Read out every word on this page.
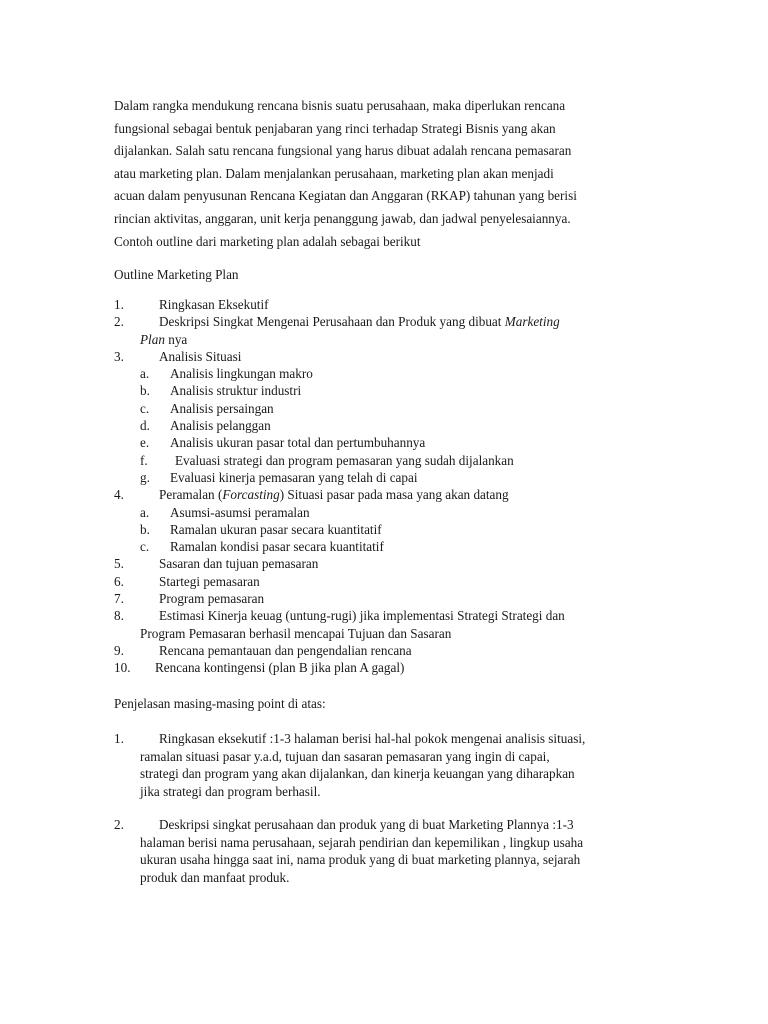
Dalam rangka mendukung rencana bisnis suatu perusahaan, maka diperlukan rencana
fungsional sebagai bentuk penjabaran yang rinci terhadap Strategi Bisnis yang akan
dijalankan. Salah satu rencana fungsional yang harus dibuat adalah rencana pemasaran
atau marketing plan. Dalam menjalankan perusahaan, marketing plan akan menjadi
acuan dalam penyusunan Rencana Kegiatan dan Anggaran (RKAP) tahunan yang berisi
rincian aktivitas, anggaran, unit kerja penanggung jawab, dan jadwal penyelesaiannya.
Contoh outline dari marketing plan adalah sebagai berikut

Outline Marketing Plan

1.	Ringkasan Eksekutif
2.	Deskripsi Singkat Mengenai Perusahaan dan Produk yang dibuat Marketing
Plan nya
3.	Analisis Situasi
a. Analisis lingkungan makro
b. Analisis struktur industri
c. Analisis persaingan
d. Analisis pelanggan
e. Analisis ukuran pasar total dan pertumbuhannya
f. Evaluasi strategi dan program pemasaran yang sudah dijalankan
g. Evaluasi kinerja pemasaran yang telah di capai
4.	Peramalan (Forcasting) Situasi pasar pada masa yang akan datang
a. Asumsi-asumsi peramalan
b. Ramalan ukuran pasar secara kuantitatif
c. Ramalan kondisi pasar secara kuantitatif
5.	Sasaran dan tujuan pemasaran
6.	Startegi pemasaran
7.	Program pemasaran
8.	Estimasi Kinerja keuag (untung-rugi) jika implementasi Strategi Strategi dan
Program Pemasaran berhasil mencapai Tujuan dan Sasaran
9.	Rencana pemantauan dan pengendalian rencana
10. Rencana kontingensi (plan B jika plan A gagal)

Penjelasan masing-masing point di atas:

1.	Ringkasan eksekutif :1-3 halaman berisi hal-hal pokok mengenai analisis situasi,
ramalan situasi pasar y.a.d, tujuan dan sasaran pemasaran yang ingin di capai,
strategi dan program yang akan dijalankan, dan kinerja keuangan yang diharapkan
jika strategi dan program berhasil.
2.	Deskripsi singkat perusahaan dan produk yang di buat Marketing Plannya :1-3
halaman berisi nama perusahaan, sejarah pendirian dan kepemilikan , lingkup usaha
ukuran usaha hingga saat ini, nama produk yang di buat marketing plannya, sejarah
produk dan manfaat produk.
